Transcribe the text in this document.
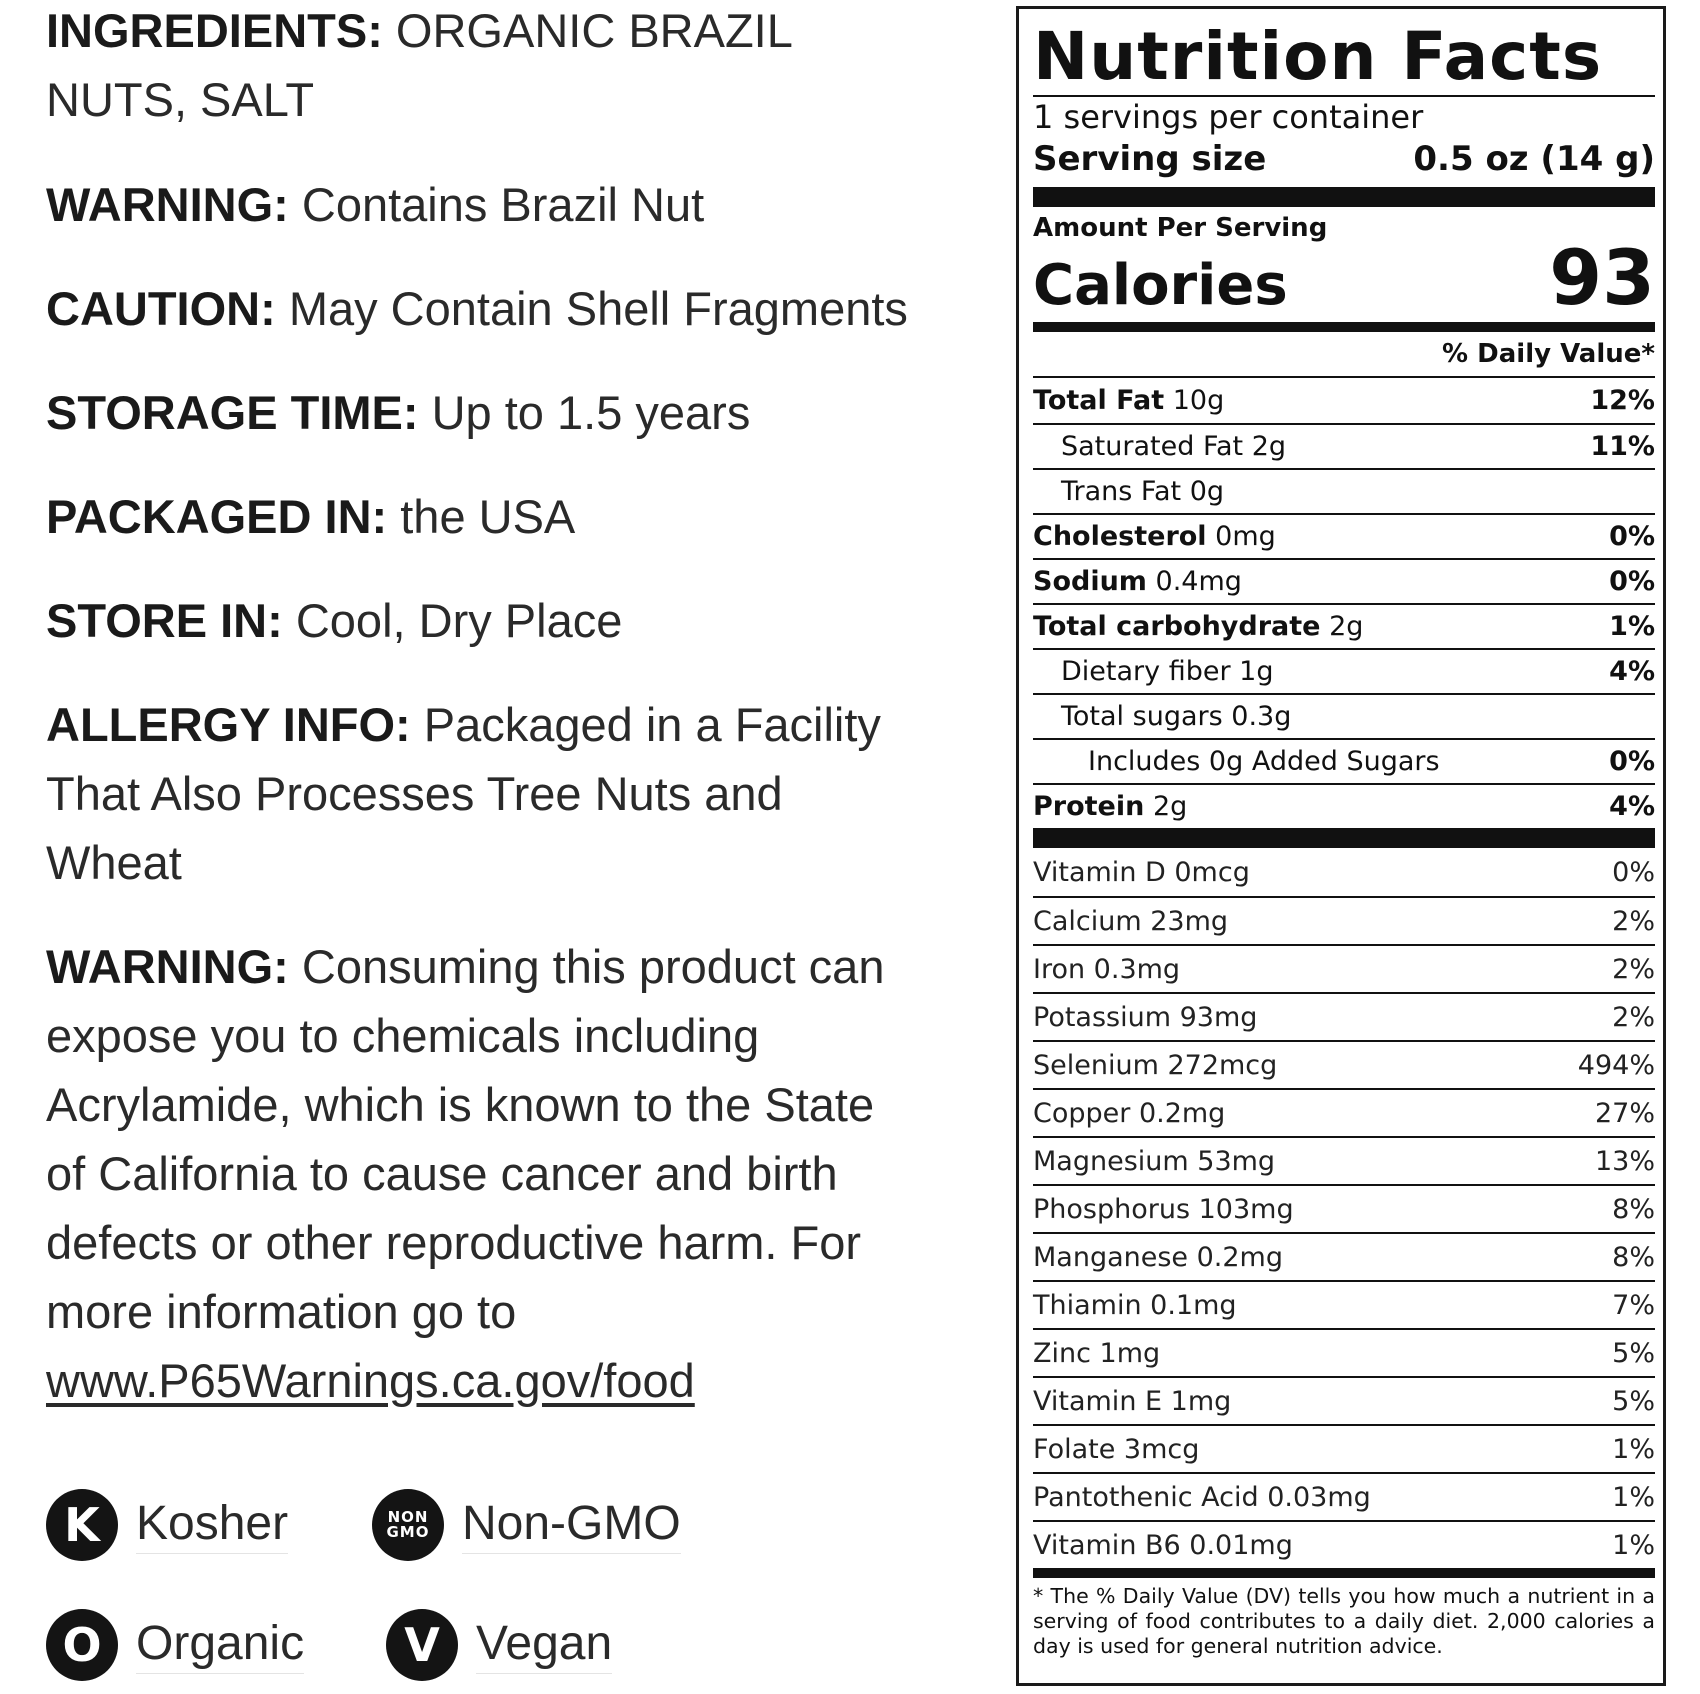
INGREDIENTS: ORGANIC BRAZIL
NUTS, SALT
WARNING: Contains Brazil Nut
CAUTION: May Contain Shell Fragments
STORAGE TIME: Up to 1.5 years
PACKAGED IN: the USA
STORE IN: Cool, Dry Place
ALLERGY INFO: Packaged in a Facility
That Also Processes Tree Nuts and
Wheat
WARNING: Consuming this product can
expose you to chemicals including
Acrylamide, which is known to the State
of California to cause cancer and birth
defects or other reproductive harm. For
more information go to
www.P65Warnings.ca.gov/food
K Kosher	NON
GMO Non-GMO
O Organic	V Vegan
Nutrition Facts
1 servings per container
Serving size	0.5 oz (14 g)
Amount Per Serving
Calories	93
% Daily Value*
Total Fat 10g	12%
Saturated Fat 2g	11%
Trans Fat 0g
Cholesterol 0mg	0%
Sodium 0.4mg	0%
Total carbohydrate 2g	1%
Dietary fiber 1g	4%
Total sugars 0.3g
Includes 0g Added Sugars	0%
Protein 2g	4%
Vitamin D 0mcg	0%
Calcium 23mg	2%
Iron 0.3mg	2%
Potassium 93mg	2%
Selenium 272mcg	494%
Copper 0.2mg	27%
Magnesium 53mg	13%
Phosphorus 103mg	8%
Manganese 0.2mg	8%
Thiamin 0.1mg	7%
Zinc 1mg	5%
Vitamin E 1mg	5%
Folate 3mcg	1%
Pantothenic Acid 0.03mg	1%
Vitamin B6 0.01mg	1%
* The % Daily Value (DV) tells you how much a nutrient in a serving of food contributes to a daily diet. 2,000 calories a day is used for general nutrition advice.
